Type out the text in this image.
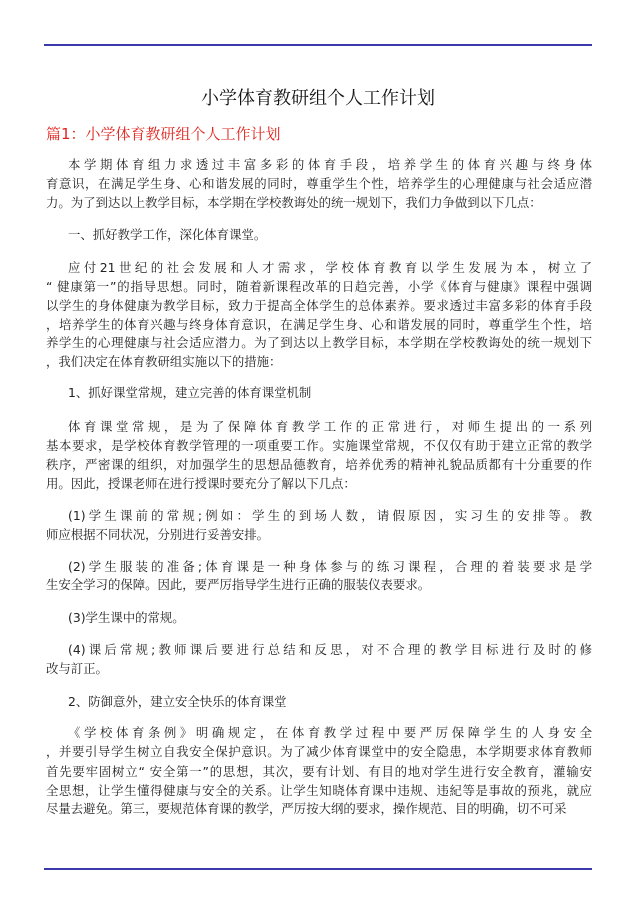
小学体育教研组个人工作计划
篇1：小学体育教研组个人工作计划
本学期体育组力求透过丰富多彩的体育手段，培养学生的体育兴趣与终身体
育意识，在满足学生身、心和谐发展的同时，尊重学生个性，培养学生的心理健康与社会适应潜
力。为了到达以上教学目标，本学期在学校教诲处的统一规划下，我们力争做到以下几点：
一、抓好教学工作，深化体育课堂。
应付21世纪的社会发展和人才需求，学校体育教育以学生发展为本，树立了
“ 健康第一”的指导思想。同时，随着新课程改革的日趋完善，小学《体育与健康》课程中强调
以学生的身体健康为教学目标，致力于提高全体学生的总体素养。要求透过丰富多彩的体育手段
，培养学生的体育兴趣与终身体育意识，在满足学生身、心和谐发展的同时，尊重学生个性，培
养学生的心理健康与社会适应潜力。为了到达以上教学目标，本学期在学校教诲处的统一规划下
，我们决定在体育教研组实施以下的措施：
1、抓好课堂常规，建立完善的体育课堂机制
体育课堂常规，是为了保障体育教学工作的正常进行，对师生提出的一系列
基本要求，是学校体育教学管理的一项重要工作。实施课堂常规，不仅仅有助于建立正常的教学
秩序，严密课的组织，对加强学生的思想品德教育，培养优秀的精神礼貌品质都有十分重要的作
用。因此，授课老师在进行授课时要充分了解以下几点：
(1)学生课前的常规;例如：学生的到场人数，请假原因，实习生的安排等。教
师应根据不同状况，分别进行妥善安排。
(2)学生服装的准备;体育课是一种身体参与的练习课程，合理的着装要求是学
生安全学习的保障。因此，要严厉指导学生进行正确的服装仪表要求。
(3)学生课中的常规。
(4)课后常规;教师课后要进行总结和反思，对不合理的教学目标进行及时的修
改与訂正。
2、防御意外，建立安全快乐的体育课堂
《学校体育条例》明确规定，在体育教学过程中要严厉保障学生的人身安全
，并要引导学生树立自我安全保护意识。为了减少体育课堂中的安全隐患，本学期要求体育教师
首先要牢固树立“ 安全第一”的思想，其次，要有计划、有目的地对学生进行安全教育，灌输安
全思想，让学生懂得健康与安全的关系。让学生知晓体育课中违规、违紀等是事故的预兆，就应
尽量去避免。第三，要规范体育课的教学，严厉按大纲的要求，操作规范、目的明确，切不可采
